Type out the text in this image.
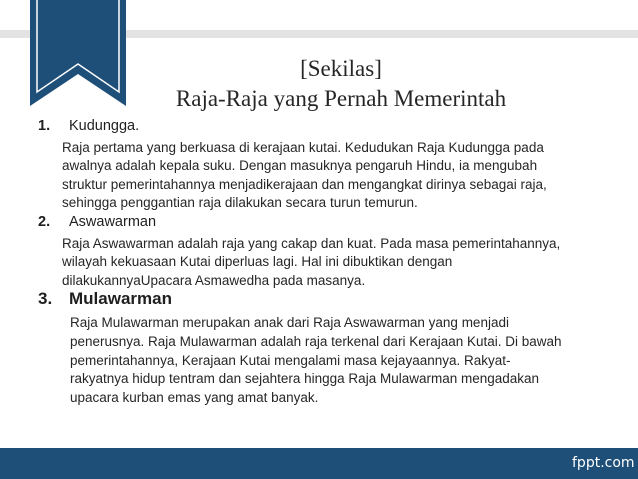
[Sekilas]
Raja-Raja yang Pernah Memerintah
1. Kudungga.
Raja pertama yang berkuasa di kerajaan kutai. Kedudukan Raja Kudungga pada
awalnya adalah kepala suku. Dengan masuknya pengaruh Hindu, ia mengubah
struktur pemerintahannya menjadikerajaan dan mengangkat dirinya sebagai raja,
sehingga penggantian raja dilakukan secara turun temurun.
2. Aswawarman
Raja Aswawarman adalah raja yang cakap dan kuat. Pada masa pemerintahannya,
wilayah kekuasaan Kutai diperluas lagi. Hal ini dibuktikan dengan
dilakukannyaUpacara Asmawedha pada masanya.
3. Mulawarman
Raja Mulawarman merupakan anak dari Raja Aswawarman yang menjadi
penerusnya. Raja Mulawarman adalah raja terkenal dari Kerajaan Kutai. Di bawah
pemerintahannya, Kerajaan Kutai mengalami masa kejayaannya. Rakyat-
rakyatnya hidup tentram dan sejahtera hingga Raja Mulawarman mengadakan
upacara kurban emas yang amat banyak.
fppt.com
